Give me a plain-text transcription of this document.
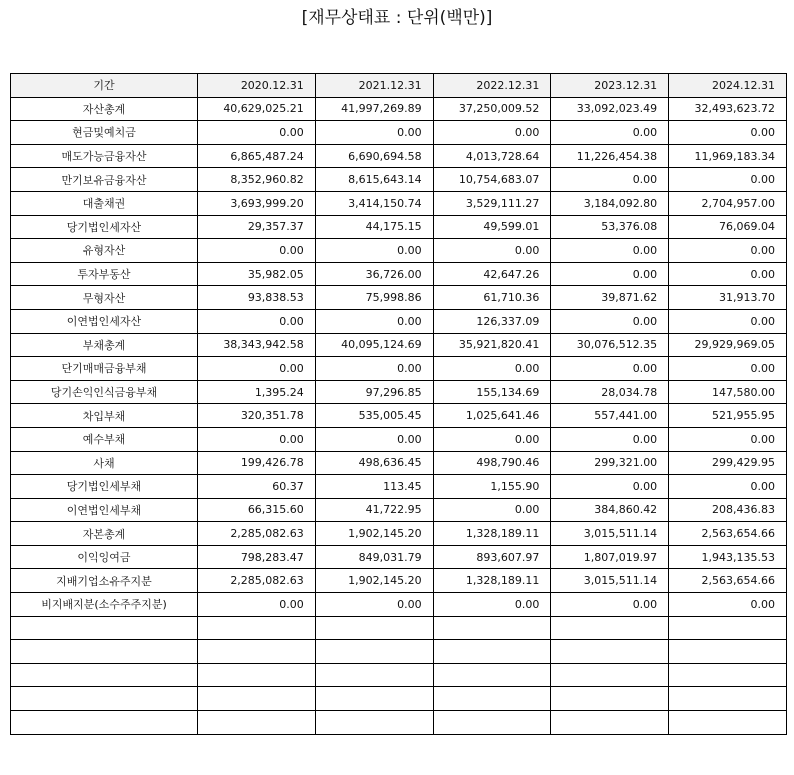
[재무상태표 : 단위(백만)]
기간	2020.12.31	2021.12.31	2022.12.31	2023.12.31	2024.12.31
자산총계	40,629,025.21	41,997,269.89	37,250,009.52	33,092,023.49	32,493,623.72
현금및예치금	0.00	0.00	0.00	0.00	0.00
매도가능금융자산	6,865,487.24	6,690,694.58	4,013,728.64	11,226,454.38	11,969,183.34
만기보유금융자산	8,352,960.82	8,615,643.14	10,754,683.07	0.00	0.00
대출채권	3,693,999.20	3,414,150.74	3,529,111.27	3,184,092.80	2,704,957.00
당기법인세자산	29,357.37	44,175.15	49,599.01	53,376.08	76,069.04
유형자산	0.00	0.00	0.00	0.00	0.00
투자부동산	35,982.05	36,726.00	42,647.26	0.00	0.00
무형자산	93,838.53	75,998.86	61,710.36	39,871.62	31,913.70
이연법인세자산	0.00	0.00	126,337.09	0.00	0.00
부채총계	38,343,942.58	40,095,124.69	35,921,820.41	30,076,512.35	29,929,969.05
단기매매금융부채	0.00	0.00	0.00	0.00	0.00
당기손익인식금융부채	1,395.24	97,296.85	155,134.69	28,034.78	147,580.00
차입부채	320,351.78	535,005.45	1,025,641.46	557,441.00	521,955.95
예수부채	0.00	0.00	0.00	0.00	0.00
사채	199,426.78	498,636.45	498,790.46	299,321.00	299,429.95
당기법인세부채	60.37	113.45	1,155.90	0.00	0.00
이연법인세부채	66,315.60	41,722.95	0.00	384,860.42	208,436.83
자본총계	2,285,082.63	1,902,145.20	1,328,189.11	3,015,511.14	2,563,654.66
이익잉여금	798,283.47	849,031.79	893,607.97	1,807,019.97	1,943,135.53
지배기업소유주지분	2,285,082.63	1,902,145.20	1,328,189.11	3,015,511.14	2,563,654.66
비지배지분(소수주주지분)	0.00	0.00	0.00	0.00	0.00
